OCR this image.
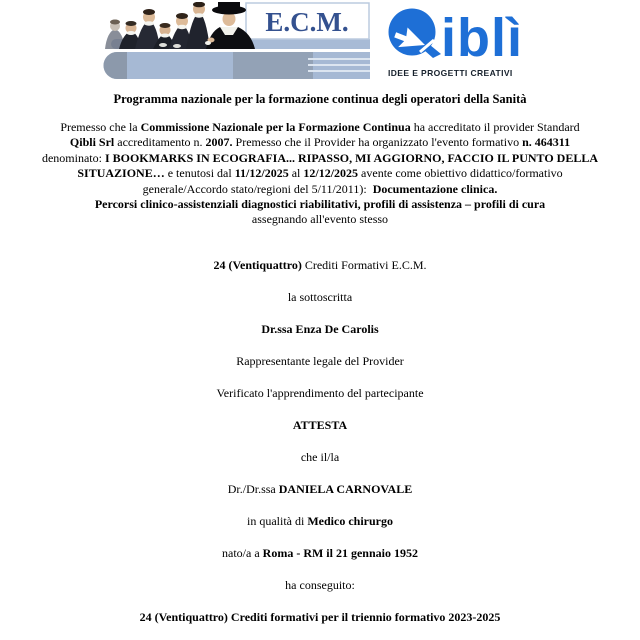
E.C.M. iblì
IDEE E PROGETTI CREATIVI
Programma nazionale per la formazione continua degli operatori della Sanità
Premesso che la Commissione Nazionale per la Formazione Continua ha accreditato il provider Standard
Qibli Srl accreditamento n. 2007. Premesso che il Provider ha organizzato l'evento formativo n. 464311
denominato: I BOOKMARKS IN ECOGRAFIA... RIPASSO, MI AGGIORNO, FACCIO IL PUNTO DELLA
SITUAZIONE… e tenutosi dal 11/12/2025 al 12/12/2025 avente come obiettivo didattico/formativo
generale/Accordo stato/regioni del 5/11/2011):  Documentazione clinica.
Percorsi clinico-assistenziali diagnostici riabilitativi, profili di assistenza – profili di cura
assegnando all'evento stesso

24 (Ventiquattro) Crediti Formativi E.C.M.

la sottoscritta

Dr.ssa Enza De Carolis

Rappresentante legale del Provider

Verificato l'apprendimento del partecipante

ATTESTA

che il/la

Dr./Dr.ssa DANIELA CARNOVALE

in qualità di Medico chirurgo

nato/a a Roma - RM il 21 gennaio 1952

ha conseguito:

24 (Ventiquattro) Crediti formativi per il triennio formativo 2023-2025
